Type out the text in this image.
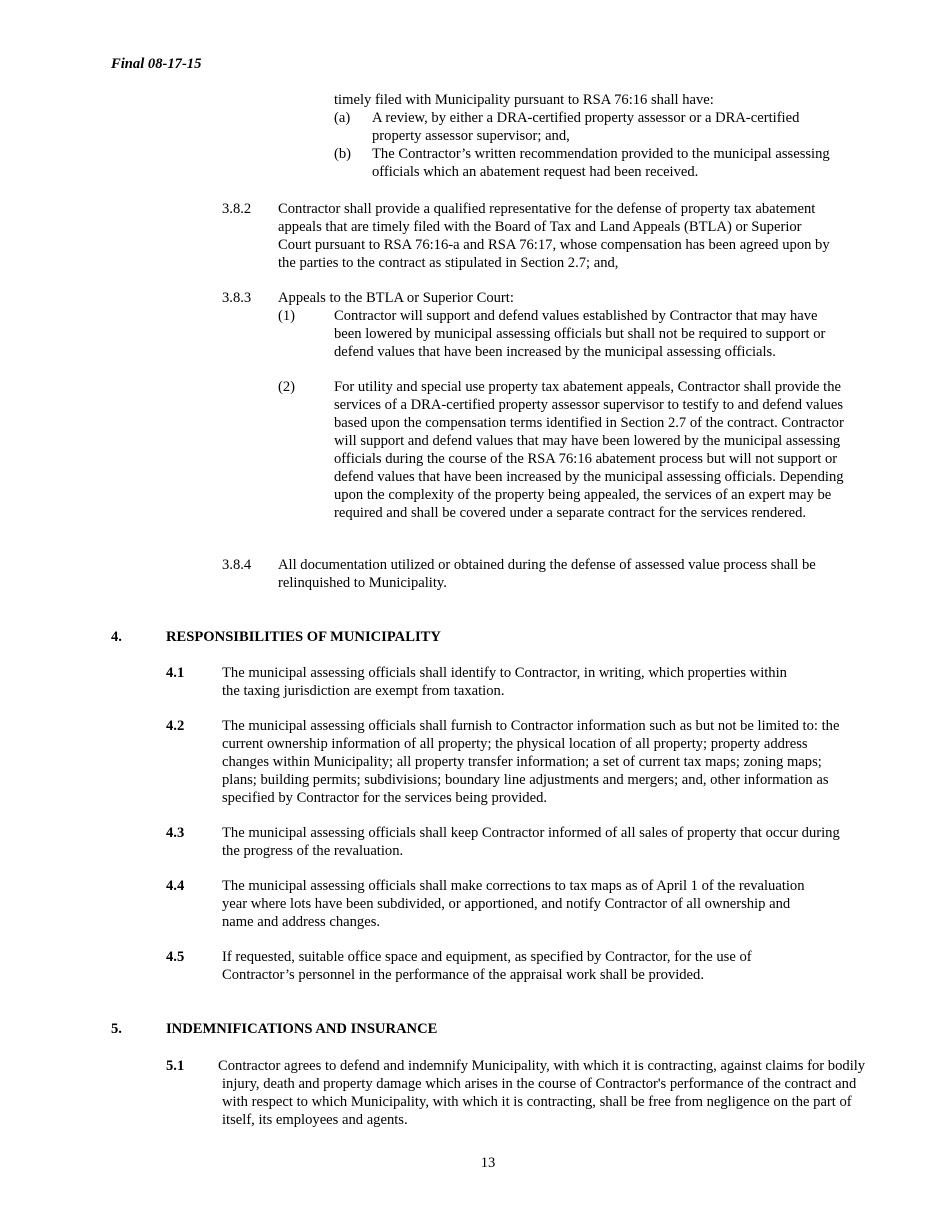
Final 08-17-15
timely filed with Municipality pursuant to RSA 76:16 shall have:
(a) A review, by either a DRA-certified property assessor or a DRA-certified
property assessor supervisor; and,
(b) The Contractor’s written recommendation provided to the municipal assessing
officials which an abatement request had been received.
3.8.2 Contractor shall provide a qualified representative for the defense of property tax abatement appeals that are timely filed with the Board of Tax and Land Appeals (BTLA) or Superior Court pursuant to RSA 76:16-a and RSA 76:17, whose compensation has been agreed upon by the parties to the contract as stipulated in Section 2.7; and,
3.8.3 Appeals to the BTLA or Superior Court:
(1)	Contractor will support and defend values established by Contractor that may have been lowered by municipal assessing officials but shall not be required to support or defend values that have been increased by the municipal assessing officials.
(2)	For utility and special use property tax abatement appeals, Contractor shall provide the services of a DRA-certified property assessor supervisor to testify to and defend values based upon the compensation terms identified in Section 2.7 of the contract. Contractor will support and defend values that may have been lowered by the municipal assessing officials during the course of the RSA 76:16 abatement process but will not support or defend values that have been increased by the municipal assessing officials. Depending upon the complexity of the property being appealed, the services of an expert may be required and shall be covered under a separate contract for the services rendered.
3.8.4 All documentation utilized or obtained during the defense of assessed value process shall be relinquished to Municipality.
4.	RESPONSIBILITIES OF MUNICIPALITY
4.1	The municipal assessing officials shall identify to Contractor, in writing, which properties within the taxing jurisdiction are exempt from taxation.
4.2	The municipal assessing officials shall furnish to Contractor information such as but not be limited to: the current ownership information of all property; the physical location of all property; property address changes within Municipality; all property transfer information; a set of current tax maps; zoning maps; plans; building permits; subdivisions; boundary line adjustments and mergers; and, other information as specified by Contractor for the services being provided.
4.3	The municipal assessing officials shall keep Contractor informed of all sales of property that occur during the progress of the revaluation.
4.4	The municipal assessing officials shall make corrections to tax maps as of April 1 of the revaluation year where lots have been subdivided, or apportioned, and notify Contractor of all ownership and name and address changes.
4.5	If requested, suitable office space and equipment, as specified by Contractor, for the use of Contractor’s personnel in the performance of the appraisal work shall be provided.
5.	INDEMNIFICATIONS AND INSURANCE
5.1 Contractor agrees to defend and indemnify Municipality, with which it is contracting, against claims for bodily injury, death and property damage which arises in the course of Contractor's performance of the contract and with respect to which Municipality, with which it is contracting, shall be free from negligence on the part of itself, its employees and agents.
13
